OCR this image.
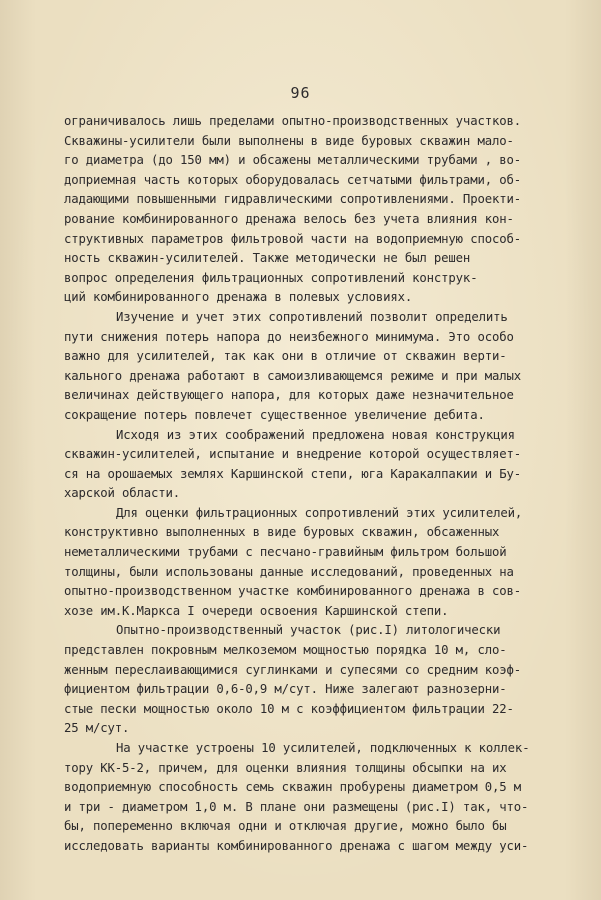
96
ограничивалось лишь пределами опытно-производственных участков.
Скважины-усилители были выполнены в виде буровых скважин мало-
го диаметра (до 150 мм) и обсажены металлическими трубами , во-
доприемная часть которых оборудовалась сетчатыми фильтрами, об-
ладающими повышенными гидравлическими сопротивлениями. Проекти-
рование комбинированного дренажа велось без учета влияния кон-
структивных параметров фильтровой части на водоприемную способ-
ность скважин-усилителей. Также методически не был решен
вопрос определения фильтрационных сопротивлений конструк-
ций комбинированного дренажа в полевых условиях.
Изучение и учет этих сопротивлений позволит определить
пути снижения потерь напора до неизбежного минимума. Это особо
важно для усилителей, так как они в отличие от скважин верти-
кального дренажа работают в самоизливающемся режиме и при малых
величинах действующего напора, для которых даже незначительное
сокращение потерь повлечет существенное увеличение дебита.
Исходя из этих соображений предложена новая конструкция
скважин-усилителей, испытание и внедрение которой осуществляет-
ся на орошаемых землях Каршинской степи, юга Каракалпакии и Бу-
харской области.
Для оценки фильтрационных сопротивлений этих усилителей,
конструктивно выполненных в виде буровых скважин, обсаженных
неметаллическими трубами с песчано-гравийным фильтром большой
толщины, были использованы данные исследований, проведенных на
опытно-производственном участке комбинированного дренажа в сов-
хозе им.К.Маркса I очереди освоения Каршинской степи.
Опытно-производственный участок (рис.I) литологически
представлен покровным мелкоземом мощностью порядка 10 м, сло-
женным переслаивающимися суглинками и супесями со средним коэф-
фициентом фильтрации 0,6-0,9 м/сут. Ниже залегают разнозерни-
стые пески мощностью около 10 м с коэффициентом фильтрации 22-
25 м/сут.
На участке устроены 10 усилителей, подключенных к коллек-
тору КК-5-2, причем, для оценки влияния толщины обсыпки на их
водоприемную способность семь скважин пробурены диаметром 0,5 м
и три - диаметром 1,0 м. В плане они размещены (рис.I) так, что-
бы, попеременно включая одни и отключая другие, можно было бы
исследовать варианты комбинированного дренажа с шагом между уси-
